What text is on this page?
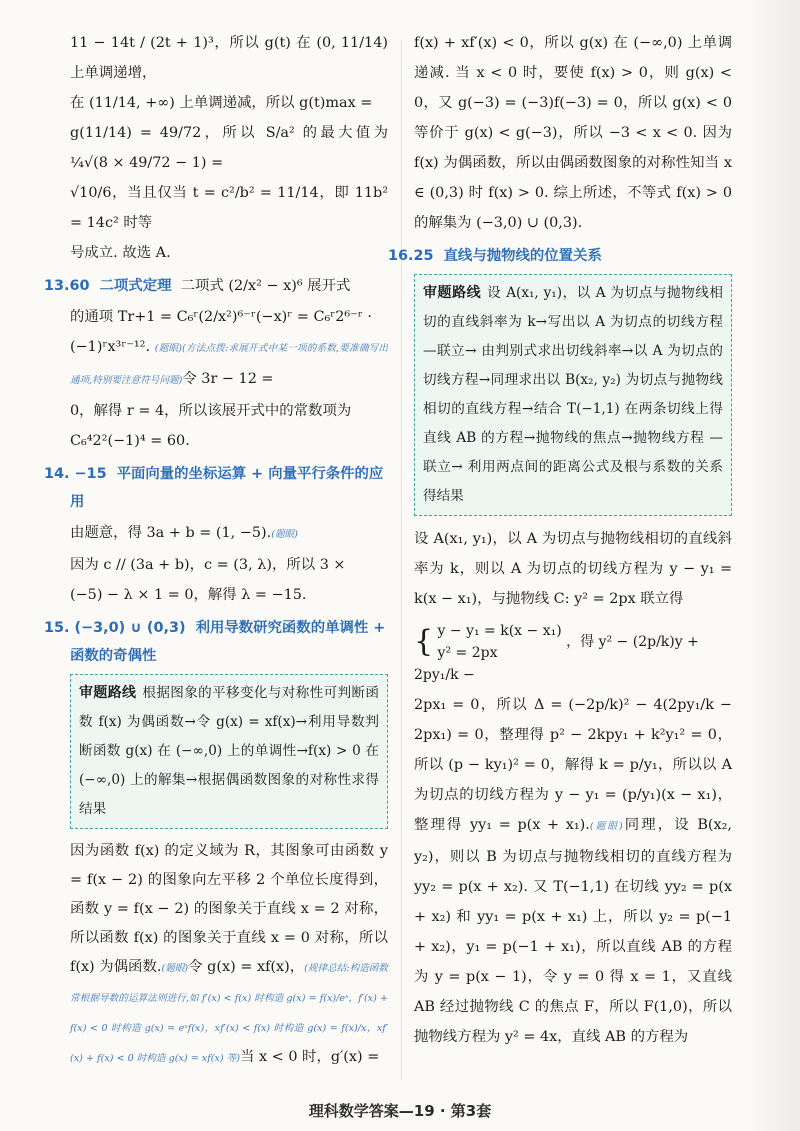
11 − 14t / (2t + 1)³，所以 g(t) 在 (0, 11/14) 上单调递增，

在 (11/14, +∞) 上单调递减，所以 g(t)max =

g(11/14) = 49/72，所以 S/a² 的最大值为 ¼√(8 × 49/72 − 1) =

√10/6，当且仅当 t = c²/b² = 11/14，即 11b² = 14c² 时等

号成立. 故选 A.

13.60 二项式定理 二项式 (2/x² − x)⁶ 展开式

的通项 Tr+1 = C₆ʳ(2/x²)⁶⁻ʳ(−x)ʳ = C₆ʳ2⁶⁻ʳ ·

(−1)ʳx³ʳ⁻¹². (题眼)(方法点拨:求展开式中某一项的系数,要准确写出通项,特别要注意符号问题)令 3r − 12 =

0，解得 r = 4，所以该展开式中的常数项为

C₆⁴2²(−1)⁴ = 60.

14. −15 平面向量的坐标运算 + 向量平行条件的应用

由题意，得 3a + b = (1, −5).(题眼)

因为 c // (3a + b)，c = (3, λ)，所以 3 ×

(−5) − λ × 1 = 0，解得 λ = −15.

15. (−3,0) ∪ (0,3) 利用导数研究函数的单调性 + 函数的奇偶性

审题路线 根据图象的平移变化与对称性可判断函数 f(x) 为偶函数→令 g(x) = xf(x)→利用导数判断函数 g(x) 在 (−∞,0) 上的单调性→f(x) > 0 在 (−∞,0) 上的解集→根据偶函数图象的对称性求得结果

因为函数 f(x) 的定义域为 R，其图象可由函数 y = f(x − 2) 的图象向左平移 2 个单位长度得到，函数 y = f(x − 2) 的图象关于直线 x = 2 对称，所以函数 f(x) 的图象关于直线 x = 0 对称，所以 f(x) 为偶函数.(题眼)令 g(x) = xf(x)，(规律总结:构造函数常根据导数的运算法则进行,如 f′(x) < f(x) 时构造 g(x) = f(x)/eˣ，f′(x) + f(x) < 0 时构造 g(x) = eˣf(x)，xf′(x) < f(x) 时构造 g(x) = f(x)/x，xf′(x) + f(x) < 0 时构造 g(x) = xf(x) 等)当 x < 0 时，g′(x) =

f(x) + xf′(x) < 0，所以 g(x) 在 (−∞,0) 上单调递减. 当 x < 0 时，要使 f(x) > 0，则 g(x) < 0，又 g(−3) = (−3)f(−3) = 0，所以 g(x) < 0 等价于 g(x) < g(−3)，所以 −3 < x < 0. 因为 f(x) 为偶函数，所以由偶函数图象的对称性知当 x ∈ (0,3) 时 f(x) > 0. 综上所述，不等式 f(x) > 0 的解集为 (−3,0) ∪ (0,3).

16.25 直线与抛物线的位置关系

审题路线 设 A(x₁, y₁)，以 A 为切点与抛物线相切的直线斜率为 k→写出以 A 为切点的切线方程 —联立→ 由判别式求出切线斜率→以 A 为切点的切线方程→同理求出以 B(x₂, y₂) 为切点与抛物线相切的直线方程→结合 T(−1,1) 在两条切线上得直线 AB 的方程→抛物线的焦点→抛物线方程 —联立→ 利用两点间的距离公式及根与系数的关系得结果

设 A(x₁, y₁)，以 A 为切点与抛物线相切的直线斜率为 k，则以 A 为切点的切线方程为 y − y₁ = k(x − x₁)，与抛物线 C: y² = 2px 联立得

{ y − y₁ = k(x − x₁)
y² = 2px ，得 y² − (2p/k)y + 2py₁/k −

2px₁ = 0，所以 Δ = (−2p/k)² − 4(2py₁/k − 2px₁) = 0，整理得 p² − 2kpy₁ + k²y₁² = 0，所以 (p − ky₁)² = 0，解得 k = p/y₁，所以以 A 为切点的切线方程为 y − y₁ = (p/y₁)(x − x₁)，整理得 yy₁ = p(x + x₁).(题眼)同理，设 B(x₂, y₂)，则以 B 为切点与抛物线相切的直线方程为 yy₂ = p(x + x₂). 又 T(−1,1) 在切线 yy₂ = p(x + x₂) 和 yy₁ = p(x + x₁) 上，所以 y₂ = p(−1 + x₂)，y₁ = p(−1 + x₁)，所以直线 AB 的方程为 y = p(x − 1)，令 y = 0 得 x = 1，又直线 AB 经过抛物线 C 的焦点 F，所以 F(1,0)，所以抛物线方程为 y² = 4x，直线 AB 的方程为

理科数学答案—19 · 第3套
